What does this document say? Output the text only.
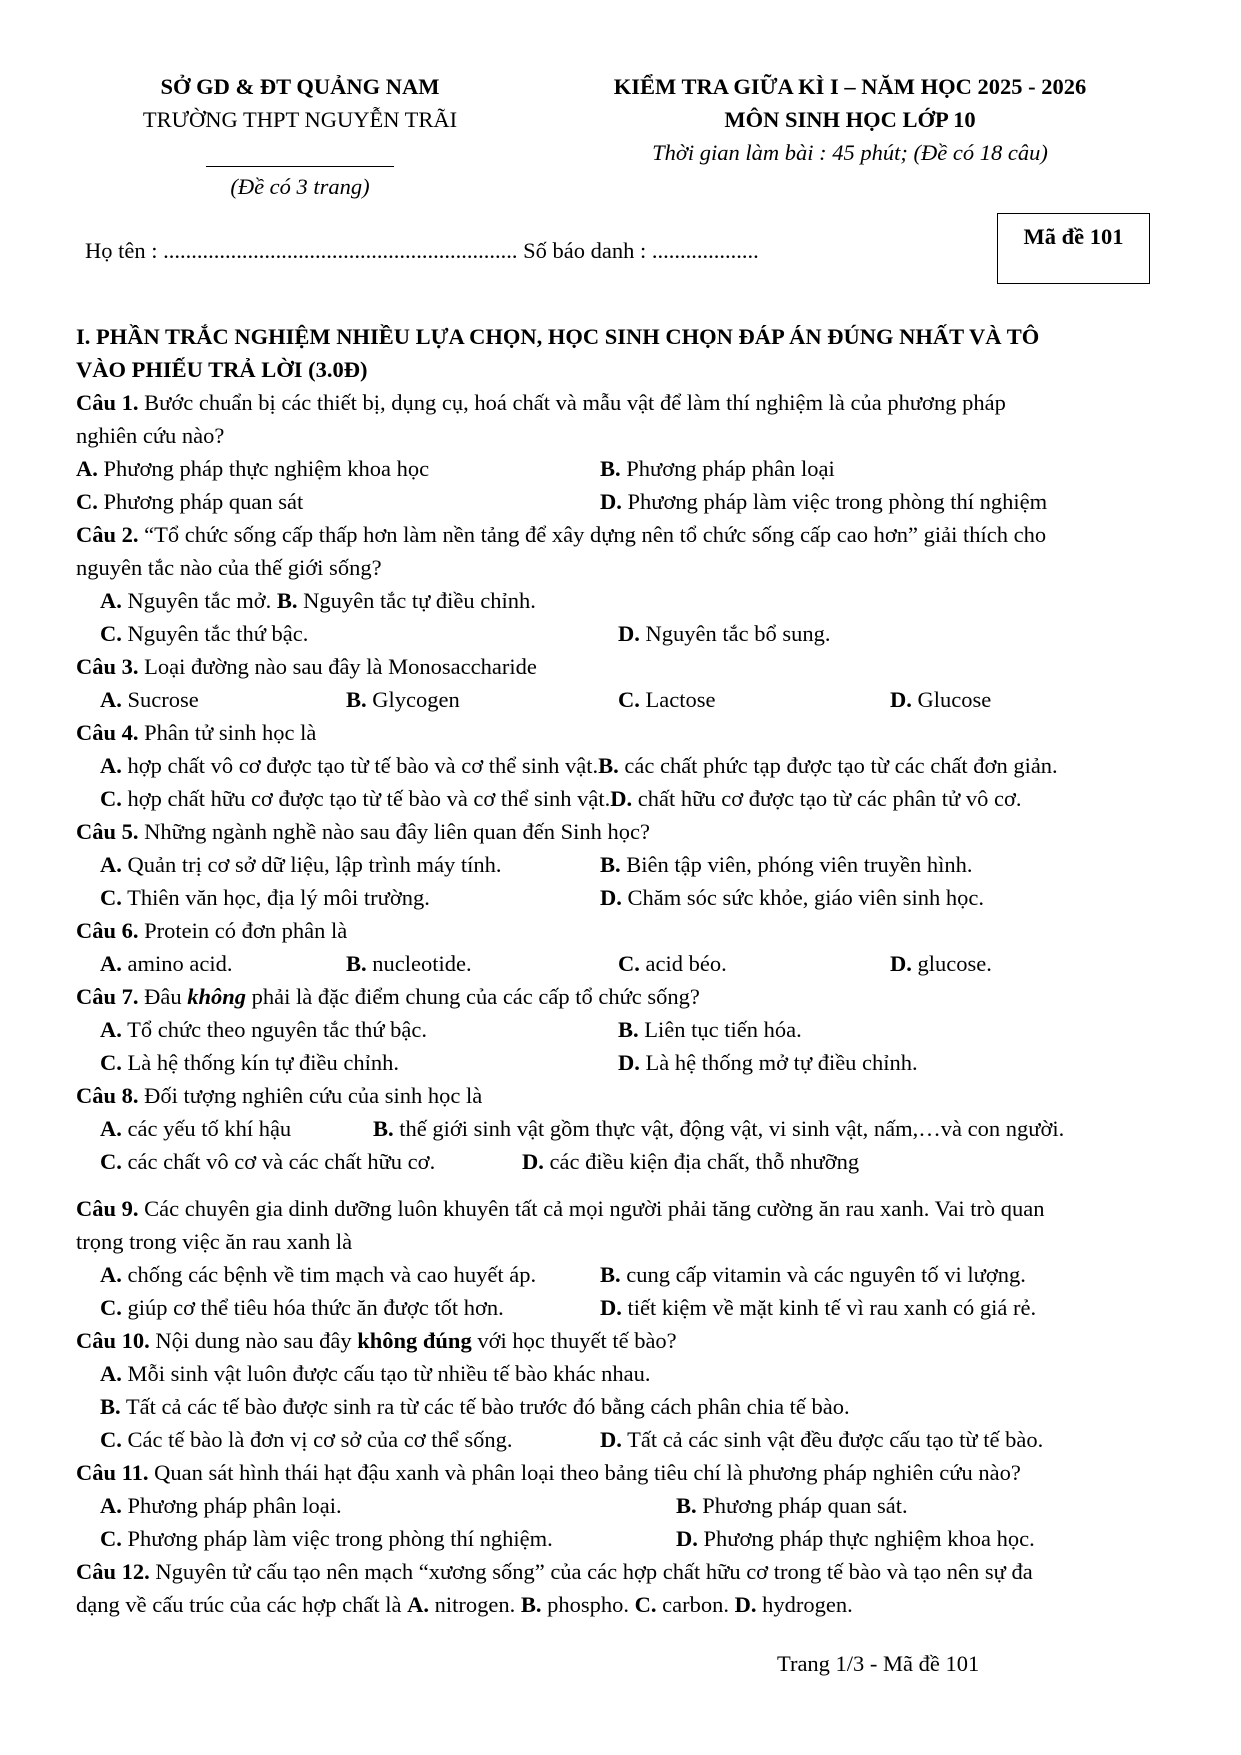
SỞ GD & ĐT QUẢNG NAM
TRƯỜNG THPT NGUYỄN TRÃI
(Đề có 3 trang)
KIỂM TRA GIỮA KÌ I – NĂM HỌC 2025 - 2026
MÔN SINH HỌC LỚP 10
Thời gian làm bài : 45 phút; (Đề có 18 câu)
Họ tên : ............................................................... Số báo danh : ...................
Mã đề 101
I. PHẦN TRẮC NGHIỆM NHIỀU LỰA CHỌN, HỌC SINH CHỌN ĐÁP ÁN ĐÚNG NHẤT VÀ TÔ
VÀO PHIẾU TRẢ LỜI (3.0Đ)
Câu 1. Bước chuẩn bị các thiết bị, dụng cụ, hoá chất và mẫu vật để làm thí nghiệm là của phương pháp
nghiên cứu nào?
A. Phương pháp thực nghiệm khoa học	B. Phương pháp phân loại
C. Phương pháp quan sát	D. Phương pháp làm việc trong phòng thí nghiệm
Câu 2. “Tổ chức sống cấp thấp hơn làm nền tảng để xây dựng nên tổ chức sống cấp cao hơn” giải thích cho
nguyên tắc nào của thế giới sống?
A. Nguyên tắc mở. B. Nguyên tắc tự điều chỉnh.
C. Nguyên tắc thứ bậc.	D. Nguyên tắc bổ sung.
Câu 3. Loại đường nào sau đây là Monosaccharide
A. Sucrose	B. Glycogen	C. Lactose	D. Glucose
Câu 4. Phân tử sinh học là
A. hợp chất vô cơ được tạo từ tế bào và cơ thể sinh vật.B. các chất phức tạp được tạo từ các chất đơn giản.
C. hợp chất hữu cơ được tạo từ tế bào và cơ thể sinh vật.D. chất hữu cơ được tạo từ các phân tử vô cơ.
Câu 5. Những ngành nghề nào sau đây liên quan đến Sinh học?
A. Quản trị cơ sở dữ liệu, lập trình máy tính.	B. Biên tập viên, phóng viên truyền hình.
C. Thiên văn học, địa lý môi trường.	D. Chăm sóc sức khỏe, giáo viên sinh học.
Câu 6. Protein có đơn phân là
A. amino acid.	B. nucleotide.	C. acid béo.	D. glucose.
Câu 7. Đâu không phải là đặc điểm chung của các cấp tổ chức sống?
A. Tổ chức theo nguyên tắc thứ bậc.	B. Liên tục tiến hóa.
C. Là hệ thống kín tự điều chỉnh.	D. Là hệ thống mở tự điều chỉnh.
Câu 8. Đối tượng nghiên cứu của sinh học là
A. các yếu tố khí hậu	B. thế giới sinh vật gồm thực vật, động vật, vi sinh vật, nấm,…và con người.
C. các chất vô cơ và các chất hữu cơ.	D. các điều kiện địa chất, thỗ nhưỡng
Câu 9. Các chuyên gia dinh dưỡng luôn khuyên tất cả mọi người phải tăng cường ăn rau xanh. Vai trò quan
trọng trong việc ăn rau xanh là
A. chống các bệnh về tim mạch và cao huyết áp.	B. cung cấp vitamin và các nguyên tố vi lượng.
C. giúp cơ thể tiêu hóa thức ăn được tốt hơn.	D. tiết kiệm về mặt kinh tế vì rau xanh có giá rẻ.
Câu 10. Nội dung nào sau đây không đúng với học thuyết tế bào?
A. Mỗi sinh vật luôn được cấu tạo từ nhiều tế bào khác nhau.
B. Tất cả các tế bào được sinh ra từ các tế bào trước đó bằng cách phân chia tế bào.
C. Các tế bào là đơn vị cơ sở của cơ thể sống.	D. Tất cả các sinh vật đều được cấu tạo từ tế bào.
Câu 11. Quan sát hình thái hạt đậu xanh và phân loại theo bảng tiêu chí là phương pháp nghiên cứu nào?
A. Phương pháp phân loại.	B. Phương pháp quan sát.
C. Phương pháp làm việc trong phòng thí nghiệm.	D. Phương pháp thực nghiệm khoa học.
Câu 12. Nguyên tử cấu tạo nên mạch “xương sống” của các hợp chất hữu cơ trong tế bào và tạo nên sự đa
dạng về cấu trúc của các hợp chất là A. nitrogen. B. phospho. C. carbon. D. hydrogen.
Trang 1/3 - Mã đề 101
